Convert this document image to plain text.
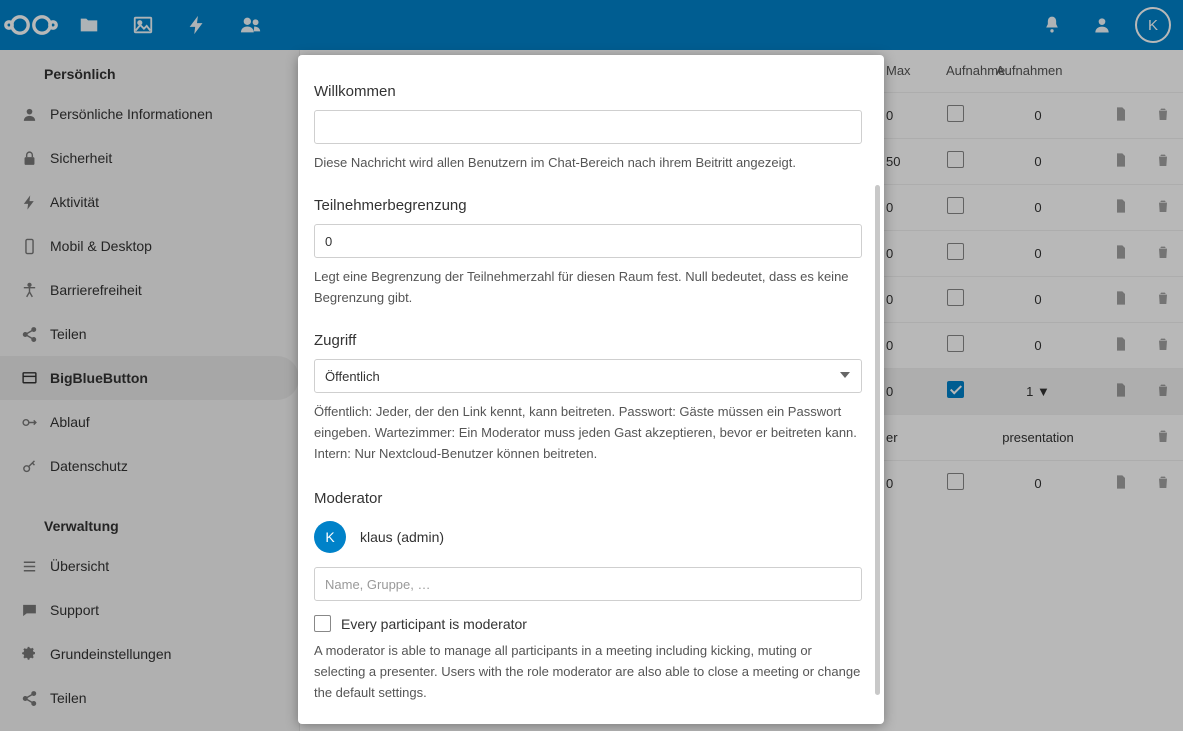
K
Persönlich
Persönliche Informationen
Sicherheit
Aktivität
Mobil & Desktop
Barrierefreiheit
Teilen
BigBlueButton
Ablauf
Datenschutz
Verwaltung
Übersicht
Support
Grundeinstellungen
Teilen
	Max	Aufnahme	Aufnahmen		
	0		0		
	50		0		
	0		0		
	0		0		
	0		0		
	0		0		
	0		1 ▼		
	er		presentation		
	0		0		
Willkommen

Diese Nachricht wird allen Benutzern im Chat-Bereich nach ihrem Beitritt angezeigt.

Teilnehmerbegrenzung
0

Legt eine Begrenzung der Teilnehmerzahl für diesen Raum fest. Null bedeutet, dass es keine Begrenzung gibt.

Zugriff
Öffentlich

Öffentlich: Jeder, der den Link kennt, kann beitreten. Passwort: Gäste müssen ein Passwort eingeben. Wartezimmer: Ein Moderator muss jeden Gast akzeptieren, bevor er beitreten kann. Intern: Nur Nextcloud-Benutzer können beitreten.

Moderator
K	klaus (admin)
Name, Gruppe, …
Every participant is moderator

A moderator is able to manage all participants in a meeting including kicking, muting or selecting a presenter. Users with the role moderator are also able to close a meeting or change the default settings.
